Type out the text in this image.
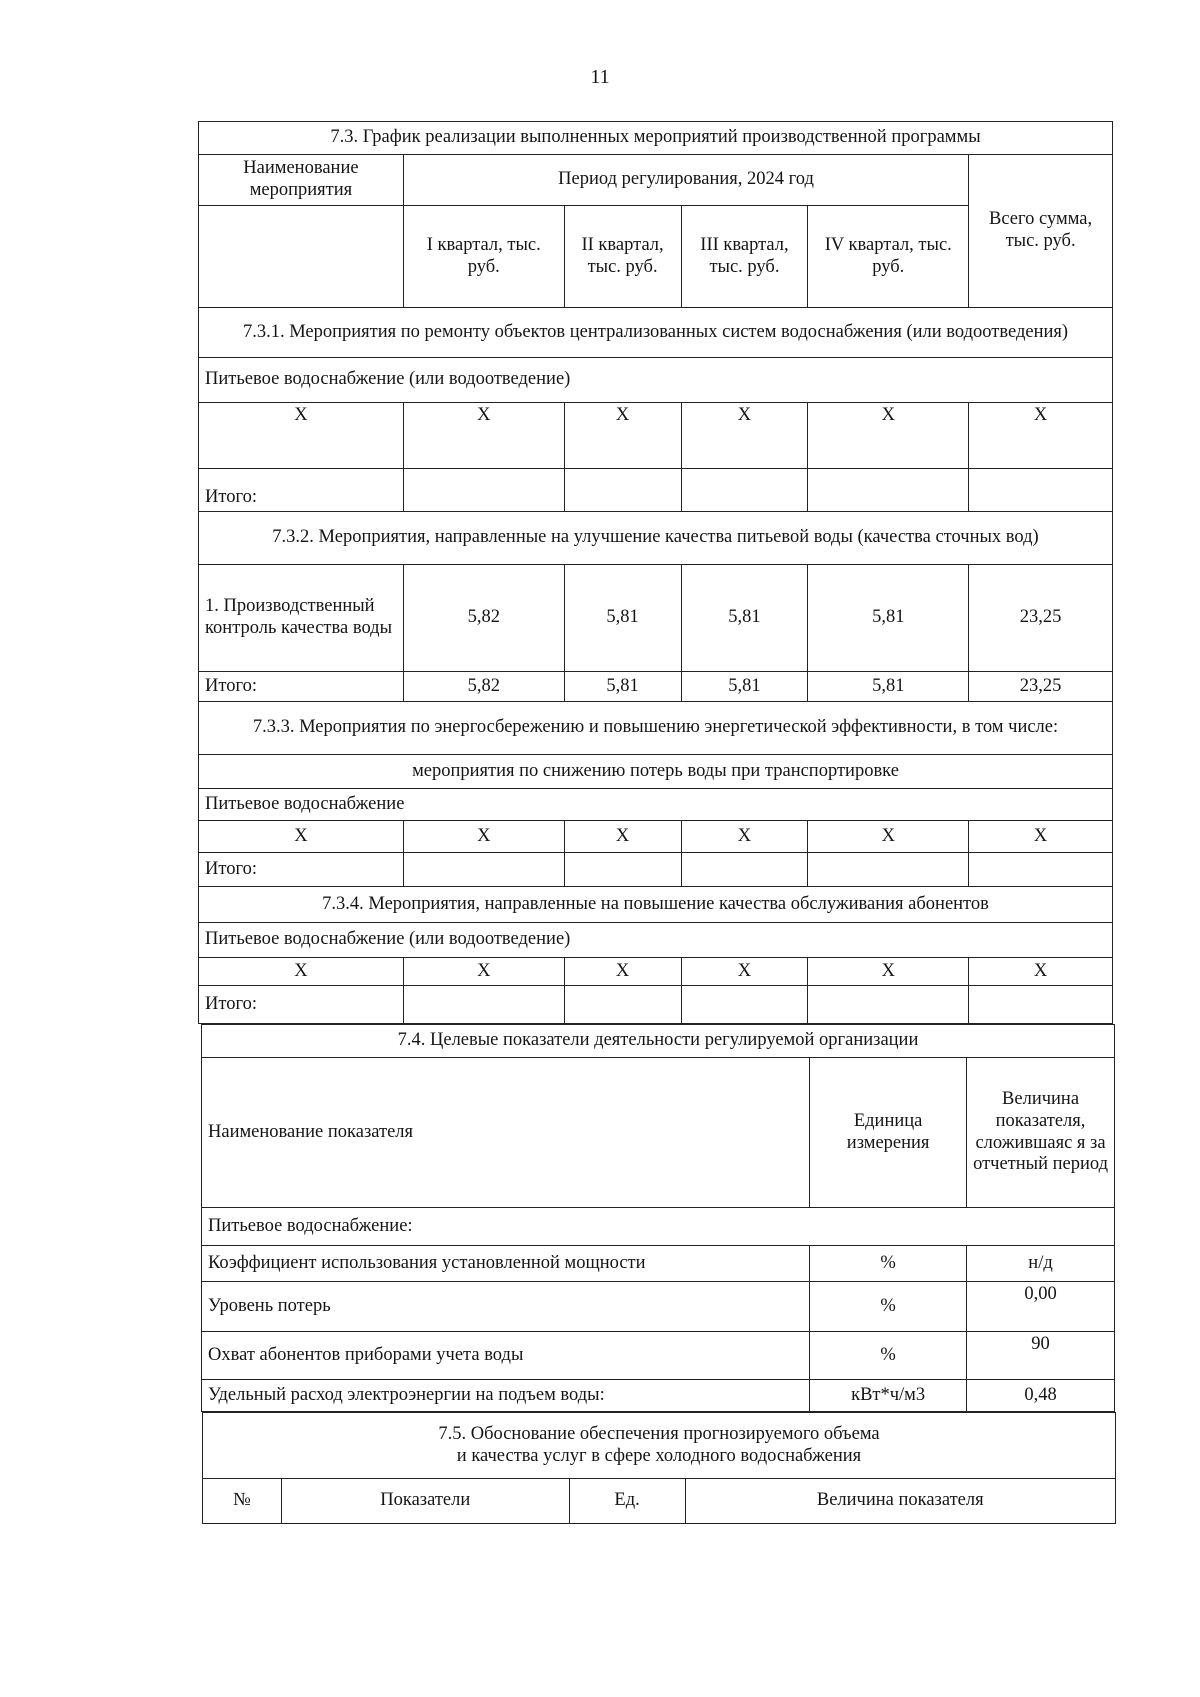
11
7.3. График реализации выполненных мероприятий производственной программы					
Наименование мероприятия	Период регулирования, 2024 год				Всего сумма, тыс. руб.
	I квартал, тыс. руб.	II квартал, тыс. руб.	III квартал, тыс. руб.	IV квартал, тыс. руб.	
7.3.1. Мероприятия по ремонту объектов централизованных систем водоснабжения (или водоотведения)					
Питьевое водоснабжение (или водоотведение)					
Х	Х	Х	Х	Х	Х
Итого:					
7.3.2. Мероприятия, направленные на улучшение качества питьевой воды (качества сточных вод)					
1. Производственный контроль качества воды	5,82	5,81	5,81	5,81	23,25
Итого:	5,82	5,81	5,81	5,81	23,25
7.3.3. Мероприятия по энергосбережению и повышению энергетической эффективности, в том числе:					
мероприятия по снижению потерь воды при транспортировке					
Питьевое водоснабжение					
Х	Х	Х	Х	Х	Х
Итого:					
7.3.4. Мероприятия, направленные на повышение качества обслуживания абонентов					
Питьевое водоснабжение (или водоотведение)					
Х	Х	Х	Х	Х	Х
Итого:					
7.4. Целевые показатели деятельности регулируемой организации		
Наименование показателя	Единица измерения	Величина показателя, сложившаяс я за отчетный период
Питьевое водоснабжение:		
Коэффициент использования установленной мощности	%	н/д
Уровень потерь	%	0,00
Охват абонентов приборами учета воды	%	90
Удельный расход электроэнергии на подъем воды:	кВт*ч/м3	0,48
7.5. Обоснование обеспечения прогнозируемого объема
и качества услуг в сфере холодного водоснабжения

№	Показатели	Ед.	Величина показателя
